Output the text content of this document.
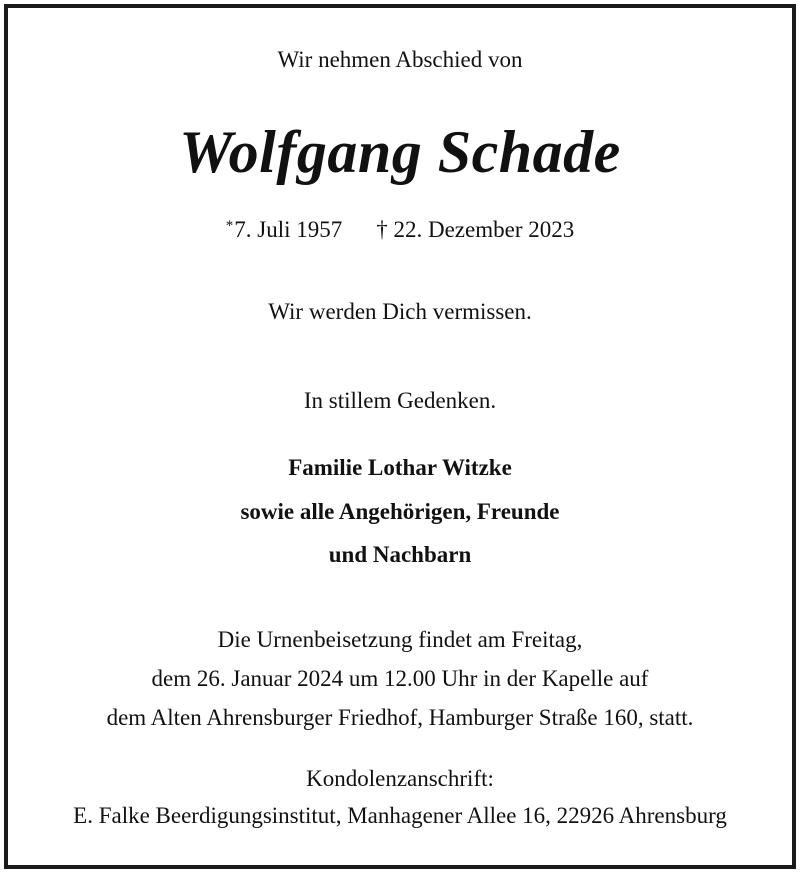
Wir nehmen Abschied von
Wolfgang Schade
*7. Juli 1957 † 22. Dezember 2023
Wir werden Dich vermissen.
In stillem Gedenken.
Familie Lothar Witzke
sowie alle Angehörigen, Freunde
und Nachbarn
Die Urnenbeisetzung findet am Freitag,
dem 26. Januar 2024 um 12.00 Uhr in der Kapelle auf
dem Alten Ahrensburger Friedhof, Hamburger Straße 160, statt.
Kondolenzanschrift:
E. Falke Beerdigungsinstitut, Manhagener Allee 16, 22926 Ahrensburg
